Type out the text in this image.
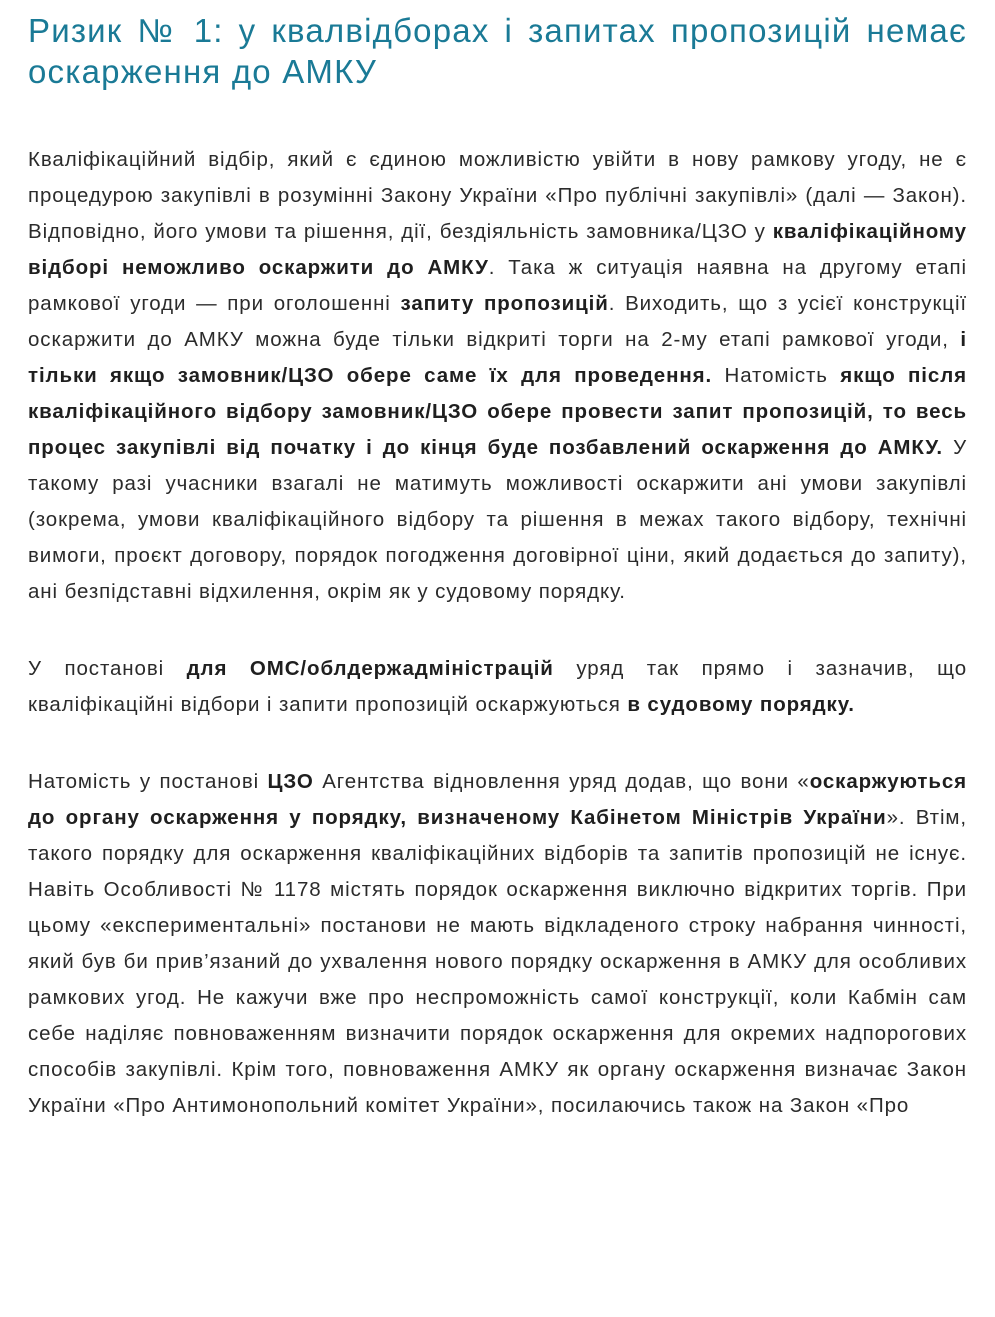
Ризик № 1: у квалвідборах і запитах пропозицій немає оскарження до АМКУ

Кваліфікаційний відбір, який є єдиною можливістю увійти в нову рамкову угоду, не є процедурою закупівлі в розумінні Закону України «Про публічні закупівлі» (далі — Закон). Відповідно, його умови та рішення, дії, бездіяльність замовника/ЦЗО у кваліфікаційному відборі неможливо оскаржити до АМКУ. Така ж ситуація наявна на другому етапі рамкової угоди — при оголошенні запиту пропозицій. Виходить, що з усієї конструкції оскаржити до АМКУ можна буде тільки відкриті торги на 2-му етапі рамкової угоди, і тільки якщо замовник/ЦЗО обере саме їх для проведення. Натомість якщо після кваліфікаційного відбору замовник/ЦЗО обере провести запит пропозицій, то весь процес закупівлі від початку і до кінця буде позбавлений оскарження до АМКУ. У такому разі учасники взагалі не матимуть можливості оскаржити ані умови закупівлі (зокрема, умови кваліфікаційного відбору та рішення в межах такого відбору, технічні вимоги, проєкт договору, порядок погодження договірної ціни, який додається до запиту), ані безпідставні відхилення, окрім як у судовому порядку.

У постанові для ОМС/облдержадміністрацій уряд так прямо і зазначив, що кваліфікаційні відбори і запити пропозицій оскаржуються в судовому порядку.

Натомість у постанові ЦЗО Агентства відновлення уряд додав, що вони «оскаржуються до органу оскарження у порядку, визначеному Кабінетом Міністрів України». Втім, такого порядку для оскарження кваліфікаційних відборів та запитів пропозицій не існує. Навіть Особливості № 1178 містять порядок оскарження виключно відкритих торгів. При цьому «експериментальні» постанови не мають відкладеного строку набрання чинності, який був би прив’язаний до ухвалення нового порядку оскарження в АМКУ для особливих рамкових угод. Не кажучи вже про неспроможність самої конструкції, коли Кабмін сам себе наділяє повноваженням визначити порядок оскарження для окремих надпорогових способів закупівлі. Крім того, повноваження АМКУ як органу оскарження визначає Закон України «Про Антимонопольний комітет України», посилаючись також на Закон «Про
